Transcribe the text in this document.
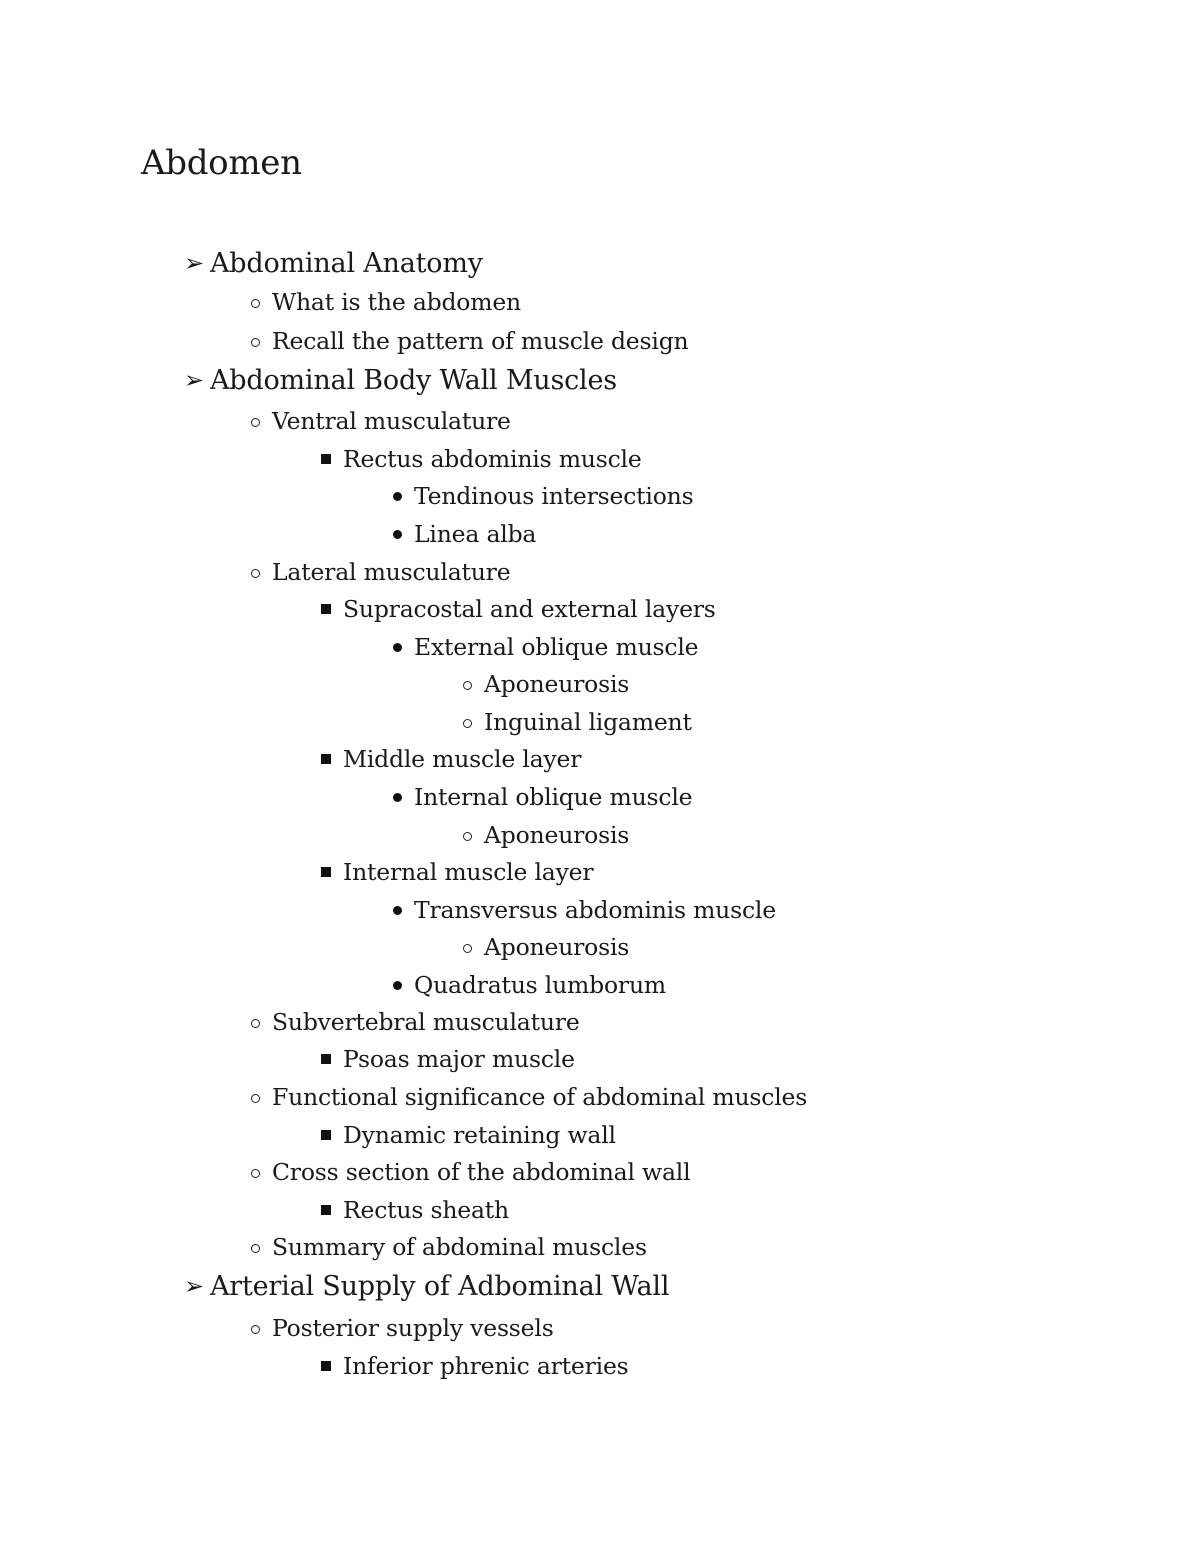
Abdomen
➢ Abdominal Anatomy
What is the abdomen
Recall the pattern of muscle design
➢ Abdominal Body Wall Muscles
Ventral musculature
Rectus abdominis muscle
Tendinous intersections
Linea alba
Lateral musculature
Supracostal and external layers
External oblique muscle
Aponeurosis
Inguinal ligament
Middle muscle layer
Internal oblique muscle
Aponeurosis
Internal muscle layer
Transversus abdominis muscle
Aponeurosis
Quadratus lumborum
Subvertebral musculature
Psoas major muscle
Functional significance of abdominal muscles
Dynamic retaining wall
Cross section of the abdominal wall
Rectus sheath
Summary of abdominal muscles
➢ Arterial Supply of Adbominal Wall
Posterior supply vessels
Inferior phrenic arteries
